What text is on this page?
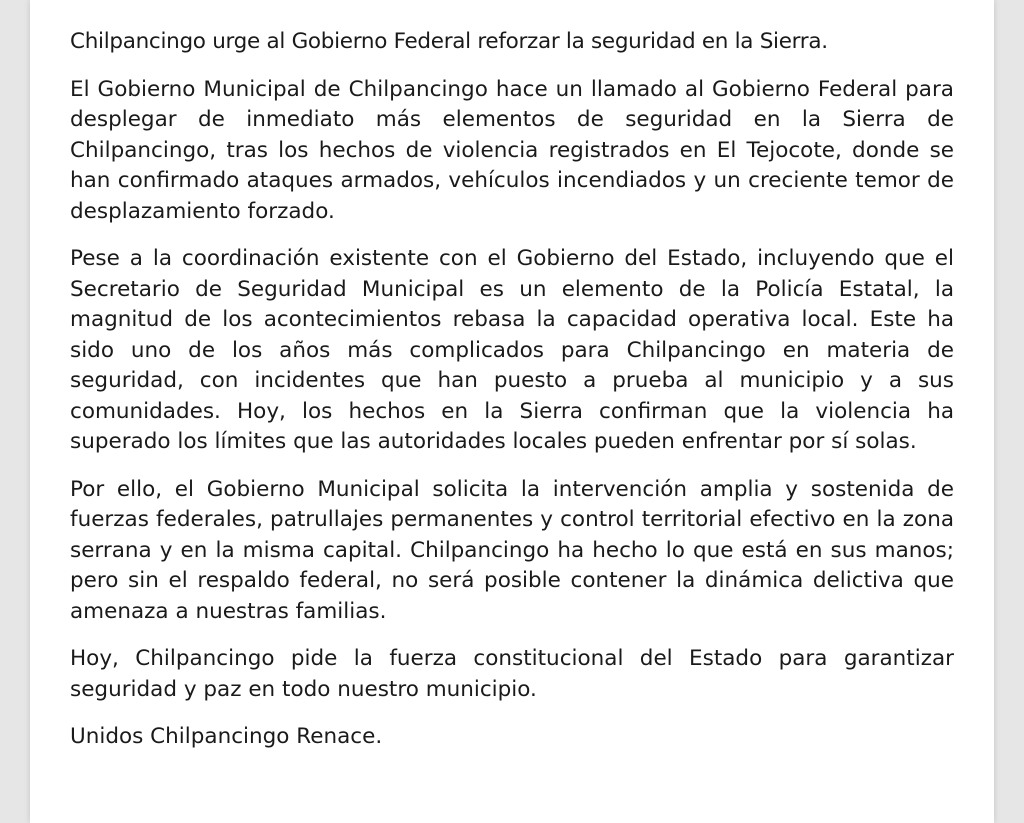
Chilpancingo urge al Gobierno Federal reforzar la seguridad en la Sierra.

El Gobierno Municipal de Chilpancingo hace un llamado al Gobierno Federal para desplegar de inmediato más elementos de seguridad en la Sierra de Chilpancingo, tras los hechos de violencia registrados en El Tejocote, donde se han confirmado ataques armados, vehículos incendiados y un creciente temor de desplazamiento forzado.

Pese a la coordinación existente con el Gobierno del Estado, incluyendo que el Secretario de Seguridad Municipal es un elemento de la Policía Estatal, la magnitud de los acontecimientos rebasa la capacidad operativa local. Este ha sido uno de los años más complicados para Chilpancingo en materia de seguridad, con incidentes que han puesto a prueba al municipio y a sus comunidades. Hoy, los hechos en la Sierra confirman que la violencia ha superado los límites que las autoridades locales pueden enfrentar por sí solas.

Por ello, el Gobierno Municipal solicita la intervención amplia y sostenida de fuerzas federales, patrullajes permanentes y control territorial efectivo en la zona serrana y en la misma capital. Chilpancingo ha hecho lo que está en sus manos; pero sin el respaldo federal, no será posible contener la dinámica delictiva que amenaza a nuestras familias.

Hoy, Chilpancingo pide la fuerza constitucional del Estado para garantizar seguridad y paz en todo nuestro municipio.

Unidos Chilpancingo Renace.
